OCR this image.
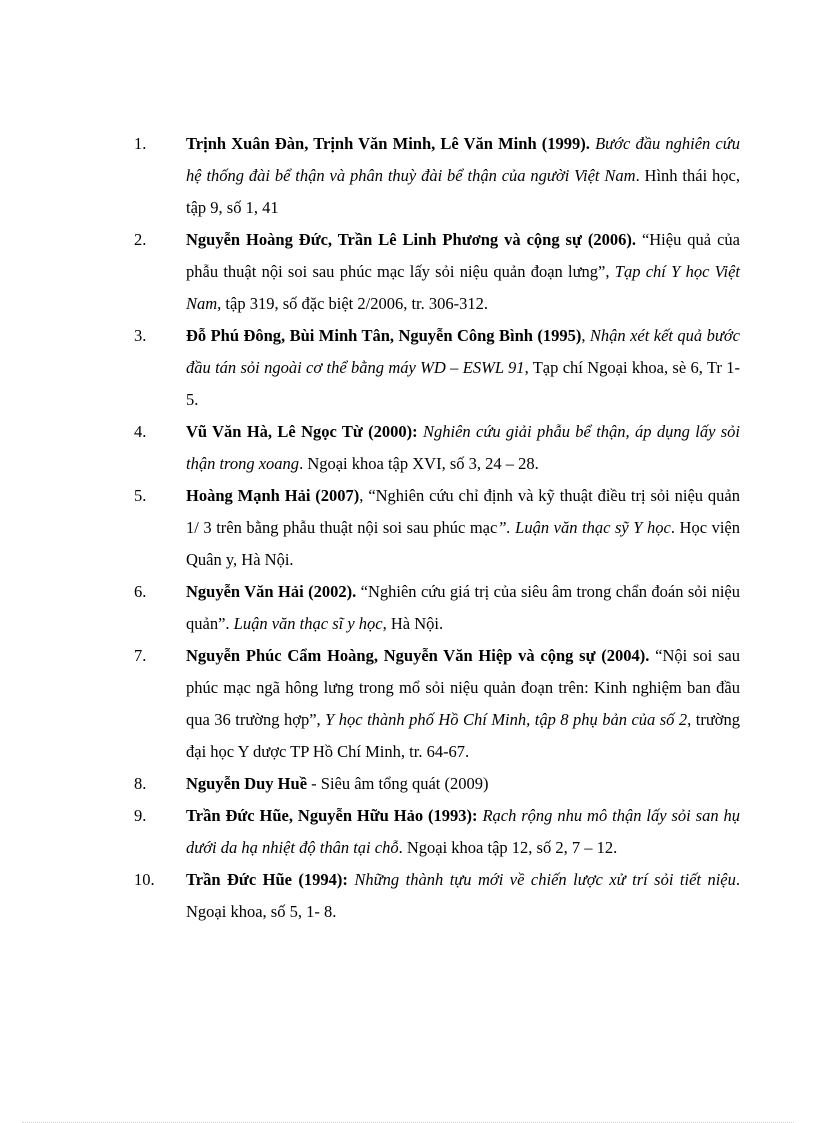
1.	Trịnh Xuân Đàn, Trịnh Văn Minh, Lê Văn Minh (1999). Bước đầu nghiên cứu hệ thống đài bể thận và phân thuỳ đài bể thận của người Việt Nam. Hình thái học, tập 9, số 1, 41
2.	Nguyễn Hoàng Đức, Trần Lê Linh Phương và cộng sự (2006). “Hiệu quả của phẫu thuật nội soi sau phúc mạc lấy sỏi niệu quản đoạn lưng”, Tạp chí Y học Việt Nam, tập 319, số đặc biệt 2/2006, tr. 306-312.
3.	Đỗ Phú Đông, Bùi Minh Tân, Nguyễn Công Bình (1995), Nhận xét kết quả bước đầu tán sỏi ngoài cơ thể bằng máy WD – ESWL 91, Tạp chí Ngoại khoa, sè 6, Tr 1-5.
4.	Vũ Văn Hà, Lê Ngọc Từ (2000): Nghiên cứu giải phẫu bể thận, áp dụng lấy sỏi thận trong xoang. Ngoại khoa tập XVI, số 3, 24 – 28.
5.	Hoàng Mạnh Hải (2007), “Nghiên cứu chỉ định và kỹ thuật điều trị sỏi niệu quản 1/ 3 trên bằng phẫu thuật nội soi sau phúc mạc”. Luận văn thạc sỹ Y học. Học viện Quân y, Hà Nội.
6.	Nguyễn Văn Hải (2002). “Nghiên cứu giá trị của siêu âm trong chẩn đoán sỏi niệu quản”. Luận văn thạc sĩ y học, Hà Nội.
7.	Nguyễn Phúc Cẩm Hoàng, Nguyễn Văn Hiệp và cộng sự (2004). “Nội soi sau phúc mạc ngã hông lưng trong mổ sỏi niệu quản đoạn trên: Kinh nghiệm ban đầu qua 36 trường hợp”, Y học thành phố Hồ Chí Minh, tập 8 phụ bản của số 2, trường đại học Y dược TP Hồ Chí Minh, tr. 64-67.
8.	Nguyễn Duy Huề - Siêu âm tổng quát (2009)
9.	Trần Đức Hũe, Nguyễn Hữu Hảo (1993): Rạch rộng nhu mô thận lấy sỏi san hụ dưới da hạ nhiệt độ thân tại chỗ. Ngoại khoa tập 12, số 2, 7 – 12.
10.	Trần Đức Hũe (1994): Những thành tựu mới về chiến lược xử trí sỏi tiết niệu. Ngoại khoa, số 5, 1- 8.
